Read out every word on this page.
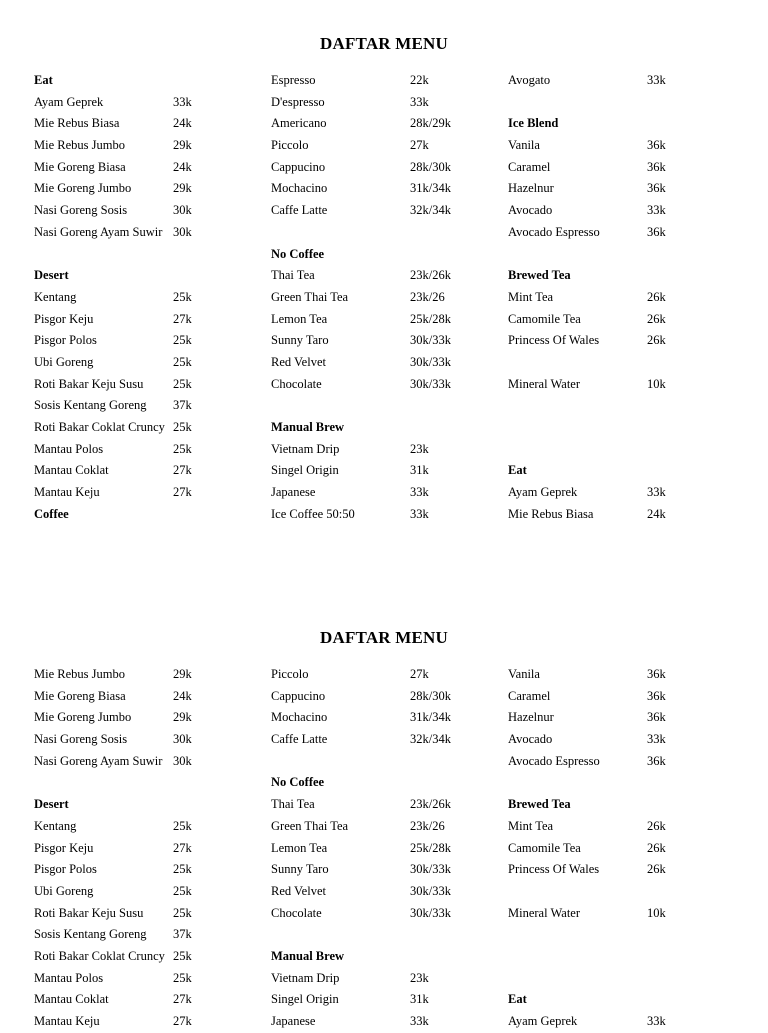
DAFTAR MENU
Eat
Ayam Geprek	33k
Mie Rebus Biasa	24k
Mie Rebus Jumbo	29k
Mie Goreng Biasa	24k
Mie Goreng Jumbo	29k
Nasi Goreng Sosis	30k
Nasi Goreng Ayam Suwir 30k
Desert
Kentang	25k
Pisgor Keju	27k
Pisgor Polos	25k
Ubi Goreng	25k
Roti Bakar Keju Susu 25k
Sosis Kentang Goreng 37k
Roti Bakar Coklat Cruncy 25k
Mantau Polos	25k
Mantau Coklat	27k
Mantau Keju	27k
Coffee
Espresso	22k
D'espresso	33k
Americano	28k/29k
Piccolo	27k
Cappucino	28k/30k
Mochacino	31k/34k
Caffe Latte	32k/34k
No Coffee
Thai Tea	23k/26k
Green Thai Tea	23k/26
Lemon Tea	25k/28k
Sunny Taro	30k/33k
Red Velvet	30k/33k
Chocolate	30k/33k
Manual Brew
Vietnam Drip	23k
Singel Origin	31k
Japanese	33k
Ice Coffee 50:50	33k
Avogato	33k
Ice Blend
Vanila	36k
Caramel	36k
Hazelnur	36k
Avocado	33k
Avocado Espresso	36k
Brewed Tea
Mint Tea	26k
Camomile Tea	26k
Princess Of Wales	26k
Mineral Water	10k
Eat
Ayam Geprek	33k
Mie Rebus Biasa	24k
DAFTAR MENU
Mie Rebus Jumbo	29k
Mie Goreng Biasa	24k
Mie Goreng Jumbo	29k
Nasi Goreng Sosis	30k
Nasi Goreng Ayam Suwir 30k
Desert
Kentang	25k
Pisgor Keju	27k
Pisgor Polos	25k
Ubi Goreng	25k
Roti Bakar Keju Susu 25k
Sosis Kentang Goreng 37k
Roti Bakar Coklat Cruncy 25k
Mantau Polos	25k
Mantau Coklat	27k
Mantau Keju	27k
Piccolo	27k
Cappucino	28k/30k
Mochacino	31k/34k
Caffe Latte	32k/34k
No Coffee
Thai Tea	23k/26k
Green Thai Tea	23k/26
Lemon Tea	25k/28k
Sunny Taro	30k/33k
Red Velvet	30k/33k
Chocolate	30k/33k
Manual Brew
Vietnam Drip	23k
Singel Origin	31k
Japanese	33k
Vanila	36k
Caramel	36k
Hazelnur	36k
Avocado	33k
Avocado Espresso	36k
Brewed Tea
Mint Tea	26k
Camomile Tea	26k
Princess Of Wales	26k
Mineral Water	10k
Eat
Ayam Geprek	33k
